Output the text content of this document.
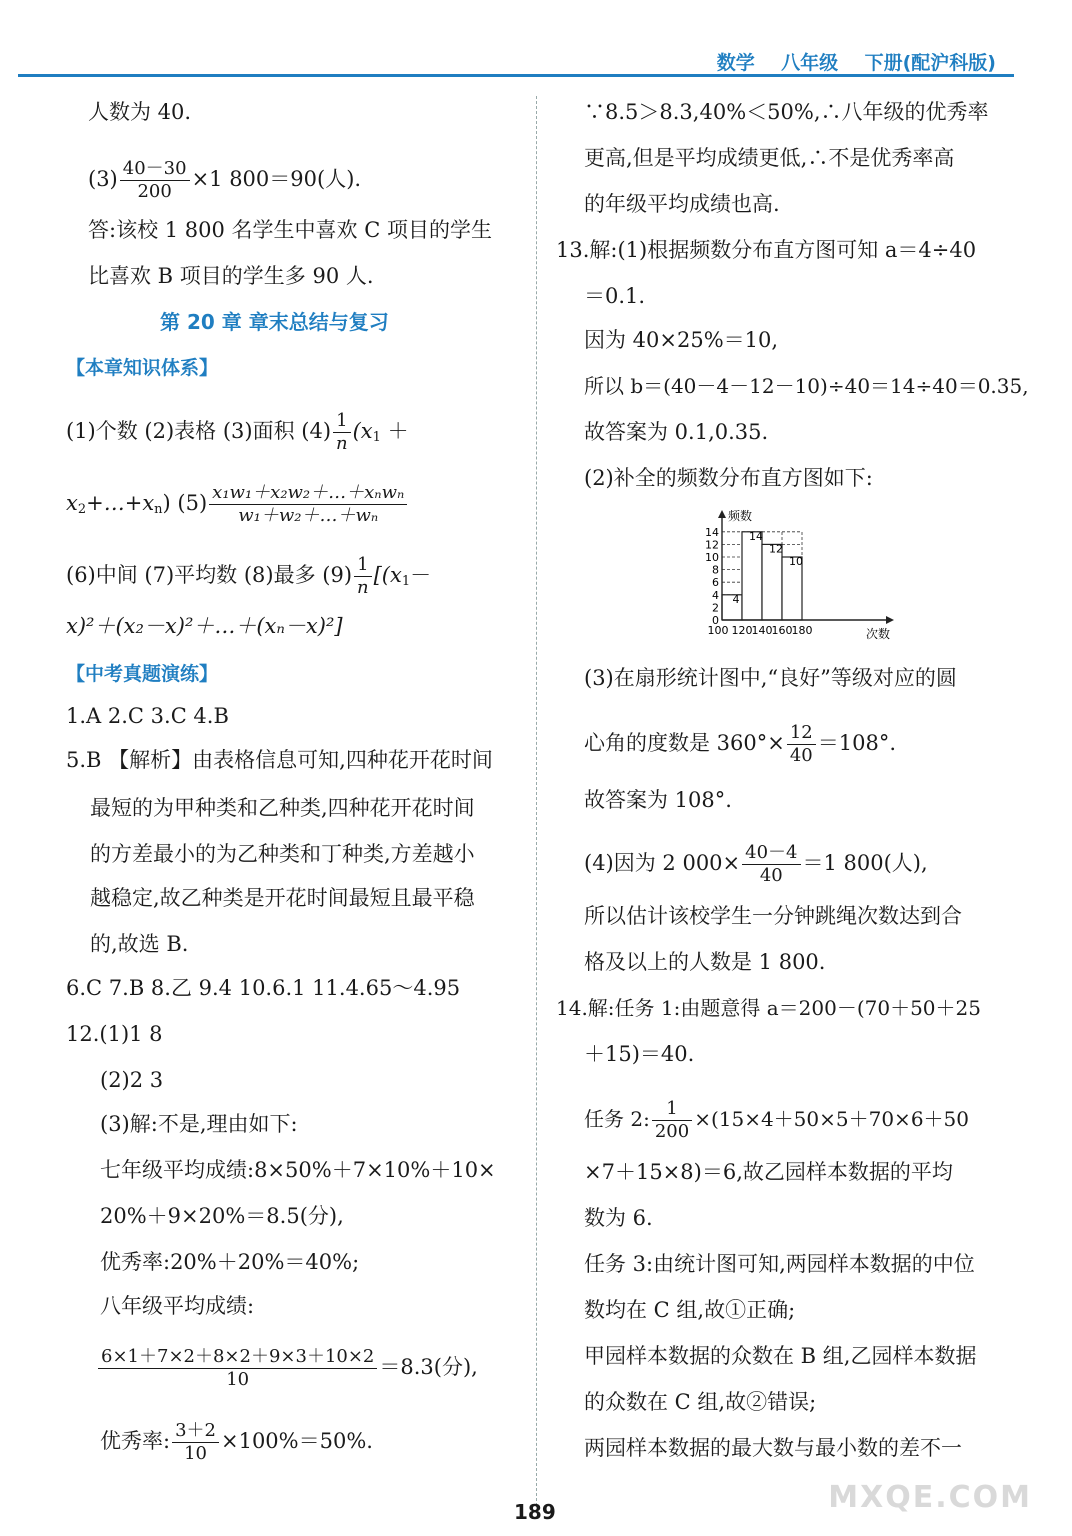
数学    八年级    下册(配沪科版)
人数为 40.
$(3) \frac{40-30}{200} \times 1$ 800＝90(人).
答:该校 1 800 名学生中喜欢 C 项目的学生
比喜欢 B 项目的学生多 90 人.
第 20 章 章末总结与复习
【本章知识体系】
(1)个数 (2)表格 (3)面积 $(4) \frac{1}{n} (x_1$ ＋
$x_2+\dots+x_n$) $(5) \frac{\text{x₁w₁＋x₂w₂＋…＋xₙwₙ}}{\text{w₁＋w₂＋…＋wₙ}}$
(6)中间 (7)平均数 (8)最多 $(9) \frac{1}{n} [(x_1-$
x)²＋(x₂－x)²＋…＋(xₙ－x)²]
【中考真题演练】
1.A 2.C 3.C 4.B
5.B 【解析】由表格信息可知,四种花开花时间
最短的为甲种类和乙种类,四种花开花时间
的方差最小的为乙种类和丁种类,方差越小
越稳定,故乙种类是开花时间最短且最平稳
的,故选 B.
6.C 7.B 8.乙 9.4 10.6.1 11.4.65～4.95
12.(1)1 8
(2)2 3
(3)解:不是,理由如下:
七年级平均成绩:8×50%＋7×10%＋10×
20%＋9×20%＝8.5(分),
优秀率:20%＋20%＝40%;
八年级平均成绩:
$\frac{6\times 1+7\times 2+8\times 2+9\times 3+10\times 2}{10} =8.3$(分),
优秀率: $\frac{3+2}{10} \times 100\%=50\%$.
∵8.5＞8.3,40%＜50%,∴八年级的优秀率
更高,但是平均成绩更低,∴不是优秀率高
的年级平均成绩也高.
13.解:(1)根据频数分布直方图可知 a＝4÷40
＝0.1.
因为 40×25%＝10,
所以 b＝(40－4－12－10)÷40＝14÷40＝0.35,
故答案为 0.1,0.35.
(2)补全的频数分布直方图如下:
0
2
4
6
8
10
12
14
4
14
12
10
100 120 140 160 180
频数
次数
(3)在扇形统计图中,“良好”等级对应的圆
心角的度数是 $360^\circ\times \frac{12}{40} =108^\circ$.
故答案为 108°.
(4)因为 2 $000\times \frac{40-4}{40} =1$ 800(人),
所以估计该校学生一分钟跳绳次数达到合
格及以上的人数是 1 800.
14.解:任务 1:由题意得 a＝200－(70＋50＋25
＋15)＝40.
任务 2: $\frac{1}{200} \times(15\times 4+50\times 5+70\times 6+50$
×7＋15×8)＝6,故乙园样本数据的平均
数为 6.
任务 3:由统计图可知,两园样本数据的中位
数均在 C 组,故①正确;
甲园样本数据的众数在 B 组,乙园样本数据
的众数在 C 组,故②错误;
两园样本数据的最大数与最小数的差不一
189	MXQE.COM
